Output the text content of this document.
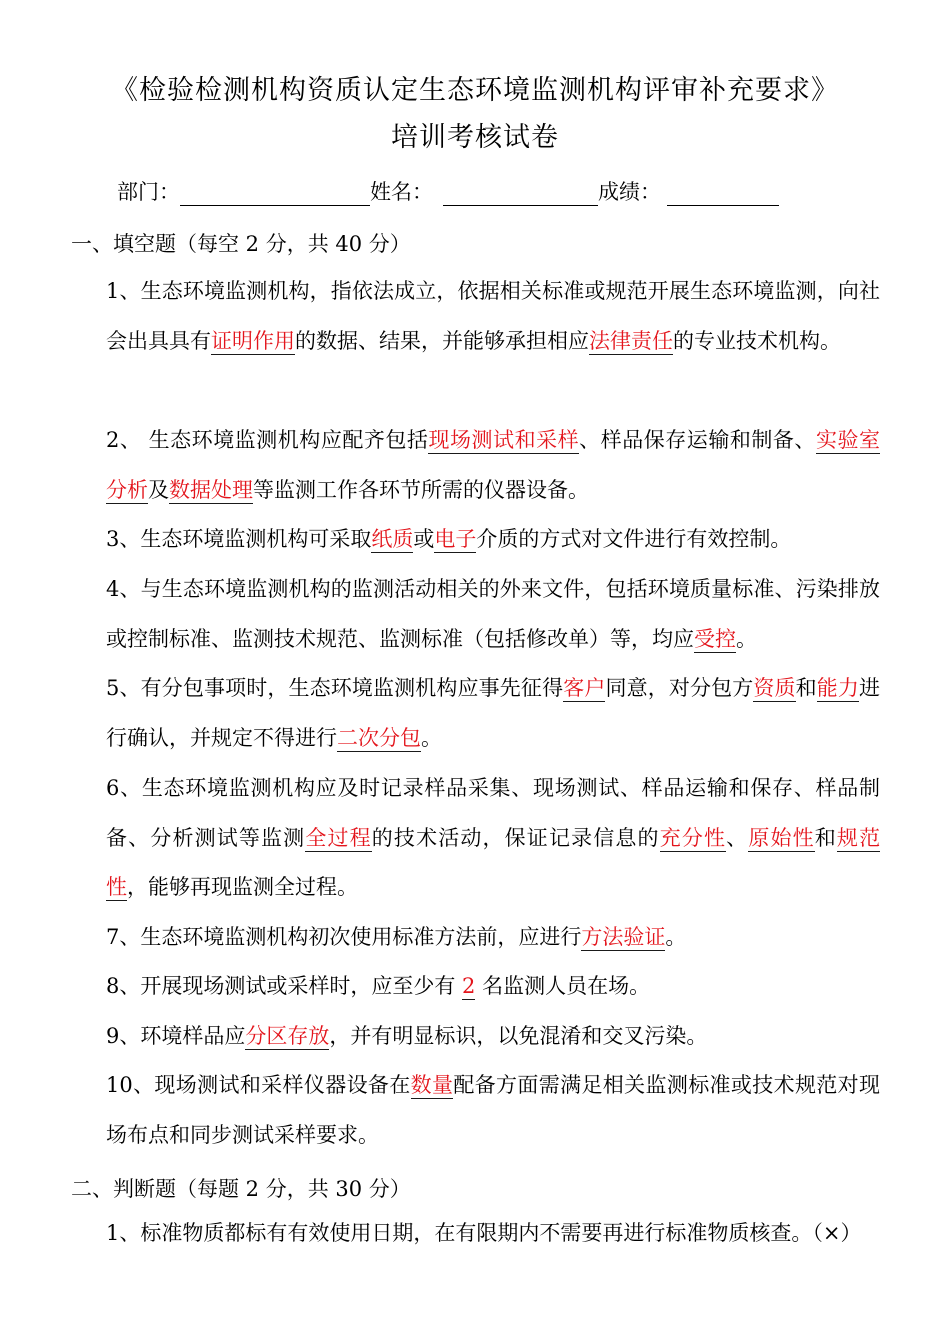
《检验检测机构资质认定生态环境监测机构评审补充要求》
培训考核试卷
部门：	姓名：	成绩：
一、填空题（每空 2 分，共 40 分）
1、生态环境监测机构，指依法成立，依据相关标准或规范开展生态环境监测，向社会出具具有证明作用的数据、结果，并能够承担相应法律责任的专业技术机构。
2、 生态环境监测机构应配齐包括现场测试和采样、样品保存运输和制备、实验室分析及数据处理等监测工作各环节所需的仪器设备。
3、生态环境监测机构可采取纸质或电子介质的方式对文件进行有效控制。
4、与生态环境监测机构的监测活动相关的外来文件，包括环境质量标准、污染排放或控制标准、监测技术规范、监测标准（包括修改单）等，均应受控。
5、有分包事项时，生态环境监测机构应事先征得客户同意，对分包方资质和能力进行确认，并规定不得进行二次分包。
6、生态环境监测机构应及时记录样品采集、现场测试、样品运输和保存、样品制备、分析测试等监测全过程的技术活动，保证记录信息的充分性、原始性和规范性，能够再现监测全过程。
7、生态环境监测机构初次使用标准方法前，应进行方法验证。
8、开展现场测试或采样时，应至少有 2 名监测人员在场。
9、环境样品应分区存放，并有明显标识，以免混淆和交叉污染。
10、现场测试和采样仪器设备在数量配备方面需满足相关监测标准或技术规范对现场布点和同步测试采样要求。
二、判断题（每题 2 分，共 30 分）
1、标准物质都标有有效使用日期，在有限期内不需要再进行标准物质核查。（×）
